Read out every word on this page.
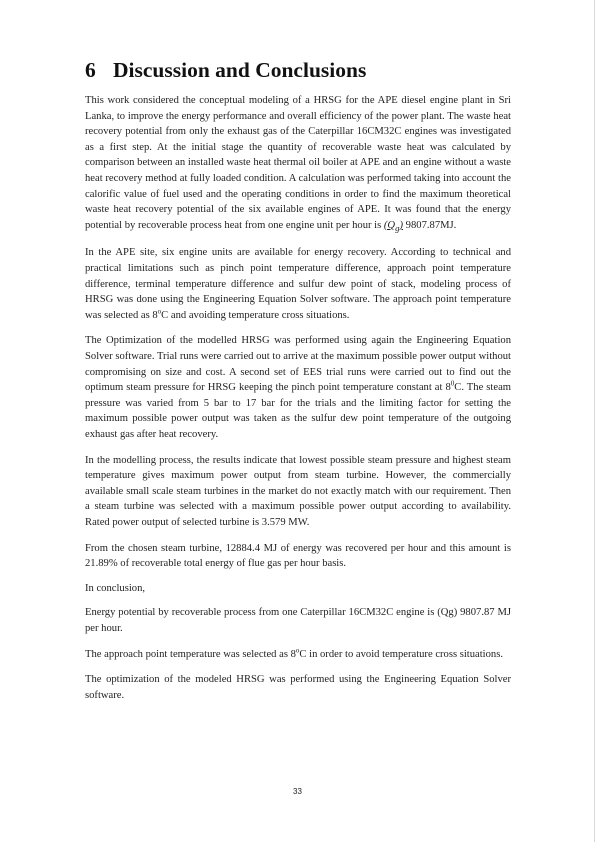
6 Discussion and Conclusions

This work considered the conceptual modeling of a HRSG for the APE diesel engine plant in Sri Lanka, to improve the energy performance and overall efficiency of the power plant. The waste heat recovery potential from only the exhaust gas of the Caterpillar 16CM32C engines was investigated as a first step. At the initial stage the quantity of recoverable waste heat was calculated by comparison between an installed waste heat thermal oil boiler at APE and an engine without a waste heat recovery method at fully loaded condition. A calculation was performed taking into account the calorific value of fuel used and the operating conditions in order to find the maximum theoretical waste heat recovery potential of the six available engines of APE. It was found that the energy potential by recoverable process heat from one engine unit per hour is $(Q_g)$ 9807.87MJ.

In the APE site, six engine units are available for energy recovery. According to technical and practical limitations such as pinch point temperature difference, approach point temperature difference, terminal temperature difference and sulfur dew point of stack, modeling process of HRSG was done using the Engineering Equation Solver software. The approach point temperature was selected as 8$^o$C and avoiding temperature cross situations.

The Optimization of the modelled HRSG was performed using again the Engineering Equation Solver software. Trial runs were carried out to arrive at the maximum possible power output without compromising on size and cost. A second set of EES trial runs were carried out to find out the optimum steam pressure for HRSG keeping the pinch point temperature constant at $8^0C$. The steam pressure was varied from 5 bar to 17 bar for the trials and the limiting factor for setting the maximum possible power output was taken as the sulfur dew point temperature of the outgoing exhaust gas after heat recovery.

In the modelling process, the results indicate that lowest possible steam pressure and highest steam temperature gives maximum power output from steam turbine. However, the commercially available small scale steam turbines in the market do not exactly match with our requirement. Then a steam turbine was selected with a maximum possible power output according to availability. Rated power output of selected turbine is 3.579 MW.

From the chosen steam turbine, 12884.4 MJ of energy was recovered per hour and this amount is 21.89% of recoverable total energy of flue gas per hour basis.

In conclusion,

Energy potential by recoverable process from one Caterpillar 16CM32C engine is (Qg) 9807.87 MJ per hour.

The approach point temperature was selected as 8$^o$C in order to avoid temperature cross situations.

The optimization of the modeled HRSG was performed using the Engineering Equation Solver software.

33
